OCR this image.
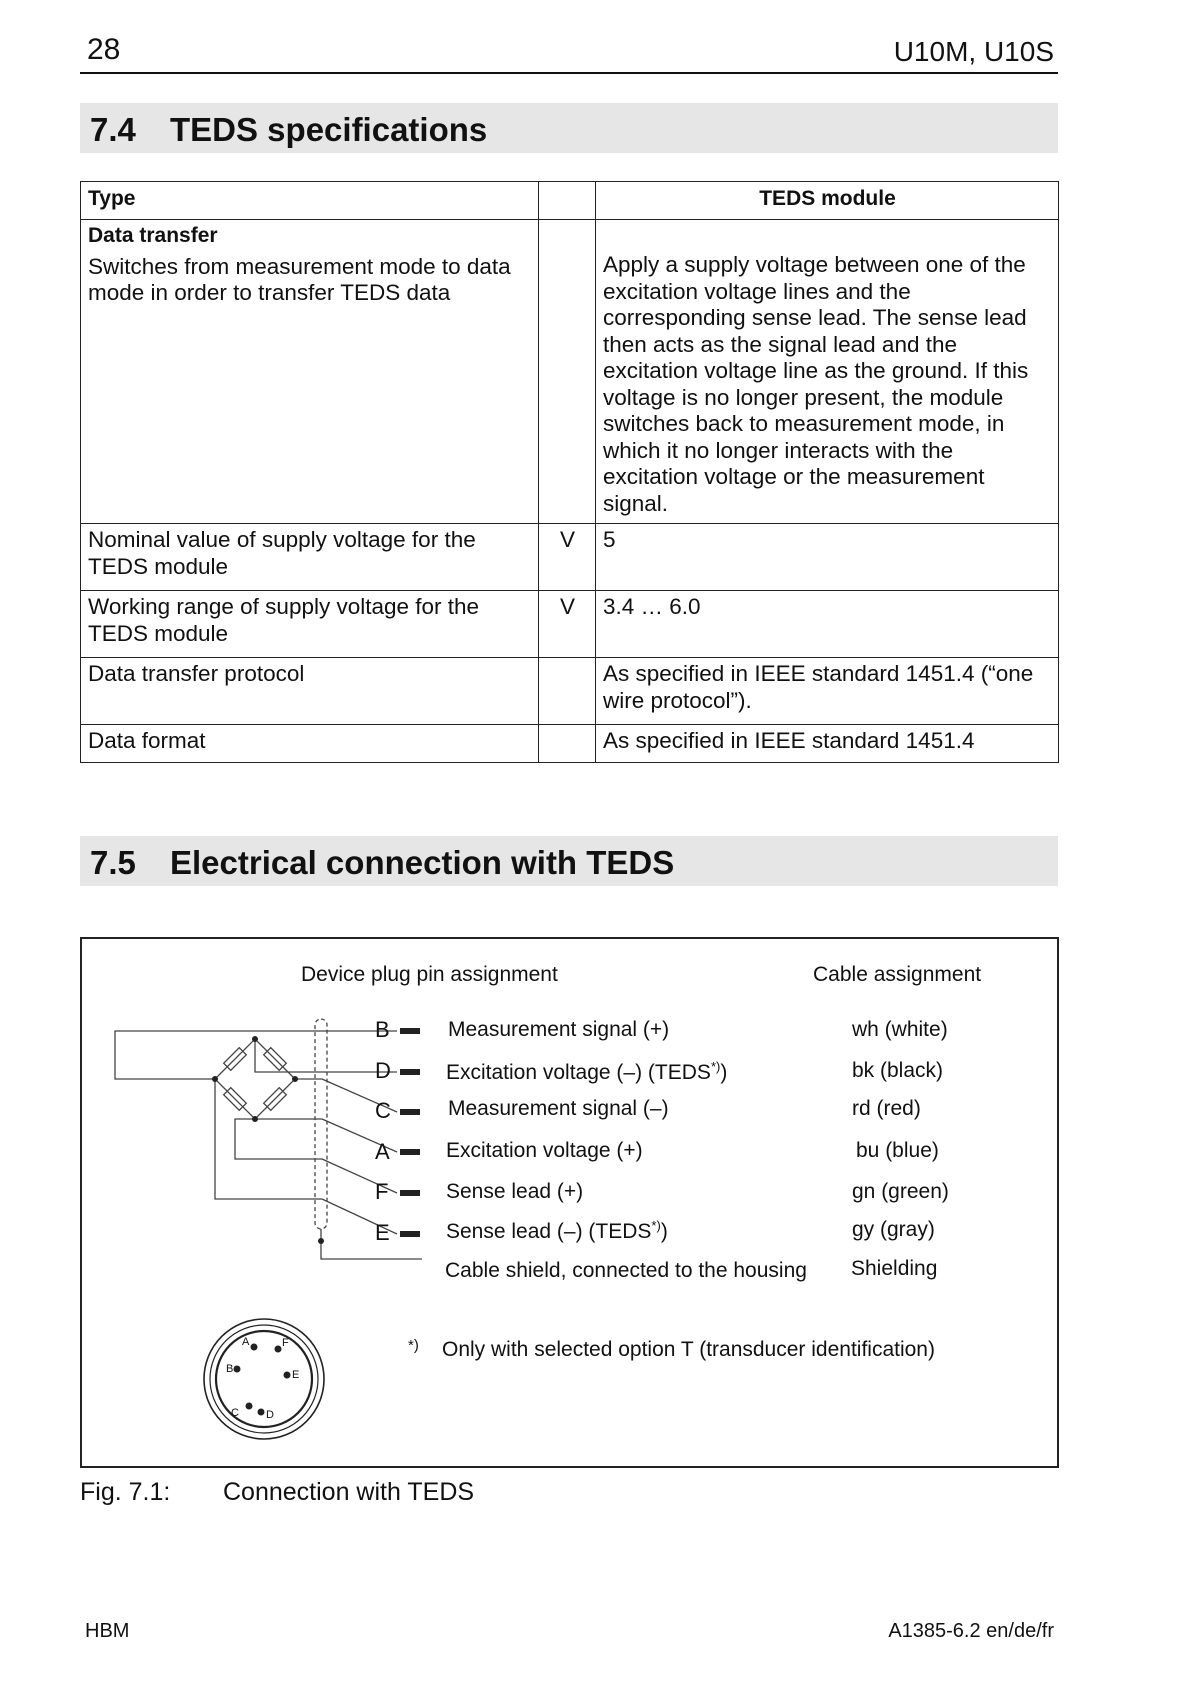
28	U10M, U10S
7.4 TEDS specifications
Type		TEDS module

Data transfer
Switches from measurement mode to data mode in order to transfer TEDS data		Apply a supply voltage between one of the excitation voltage lines and the corresponding sense lead. The sense lead then acts as the signal lead and the excitation voltage line as the ground. If this voltage is no longer present, the module switches back to measurement mode, in which it no longer interacts with the excitation voltage or the measurement signal.
Nominal value of supply voltage for the TEDS module	V	5
Working range of supply voltage for the TEDS module	V	3.4 … 6.0
Data transfer protocol		As specified in IEEE standard 1451.4 (“one wire protocol”).
Data format		As specified in IEEE standard 1451.4
7.5 Electrical connection with TEDS
A	F
B	E
C D
Device plug pin assignment	Cable assignment
B	Measurement signal (+)	wh (white)
D	Excitation voltage (–) (TEDS*))	bk (black)
C	Measurement signal (–)	rd (red)
A	Excitation voltage (+)	bu (blue)
F	Sense lead (+)	gn (green)
E	Sense lead (–) (TEDS*))	gy (gray)
Cable shield, connected to the housing Shielding
*) Only with selected option T (transducer identification)
Fig. 7.1: Connection with TEDS
HBM	A1385-6.2 en/de/fr
